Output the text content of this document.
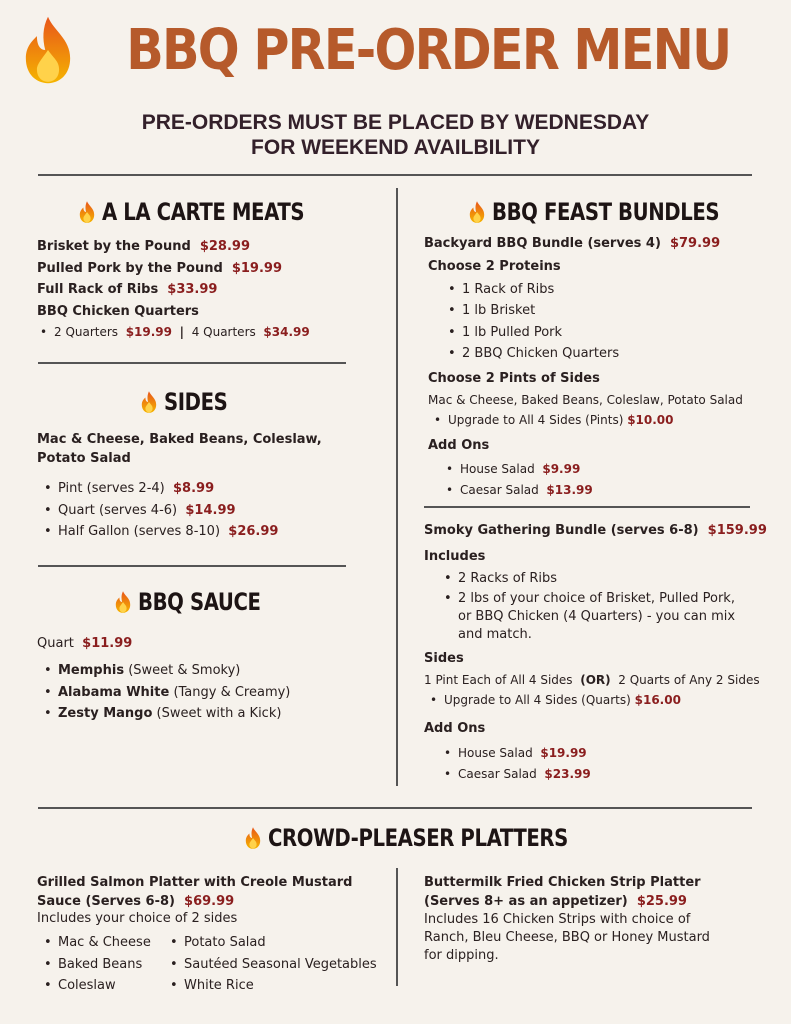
BBQ PRE-ORDER MENU
PRE-ORDERS MUST BE PLACED BY WEDNESDAY
FOR WEEKEND AVAILBILITY
A LA CARTE MEATS
Brisket by the Pound $28.99
Pulled Pork by the Pound $19.99
Full Rack of Ribs $33.99
BBQ Chicken Quarters
• 2 Quarters $19.99 | 4 Quarters $34.99
SIDES
Mac & Cheese, Baked Beans, Coleslaw,
Potato Salad
• Pint (serves 2-4) $8.99
• Quart (serves 4-6) $14.99
• Half Gallon (serves 8-10) $26.99
BBQ SAUCE
Quart $11.99
• Memphis (Sweet & Smoky)
• Alabama White (Tangy & Creamy)
• Zesty Mango (Sweet with a Kick)
BBQ FEAST BUNDLES
Backyard BBQ Bundle (serves 4) $79.99
Choose 2 Proteins
• 1 Rack of Ribs
• 1 lb Brisket
• 1 lb Pulled Pork
• 2 BBQ Chicken Quarters
Choose 2 Pints of Sides
Mac & Cheese, Baked Beans, Coleslaw, Potato Salad
• Upgrade to All 4 Sides (Pints) $10.00
Add Ons
• House Salad $9.99
• Caesar Salad $13.99
Smoky Gathering Bundle (serves 6-8) $159.99
Includes
• 2 Racks of Ribs
• 2 lbs of your choice of Brisket, Pulled Pork,
or BBQ Chicken (4 Quarters) - you can mix
and match.
Sides
1 Pint Each of All 4 Sides (OR) 2 Quarts of Any 2 Sides
• Upgrade to All 4 Sides (Quarts) $16.00
Add Ons
• House Salad $19.99
• Caesar Salad $23.99
CROWD-PLEASER PLATTERS
Grilled Salmon Platter with Creole Mustard
Sauce (Serves 6-8) $69.99
Includes your choice of 2 sides
• Mac & Cheese
• Baked Beans
• Coleslaw
• Potato Salad
• Sautéed Seasonal Vegetables
• White Rice
Buttermilk Fried Chicken Strip Platter
(Serves 8+ as an appetizer) $25.99
Includes 16 Chicken Strips with choice of
Ranch, Bleu Cheese, BBQ or Honey Mustard
for dipping.
